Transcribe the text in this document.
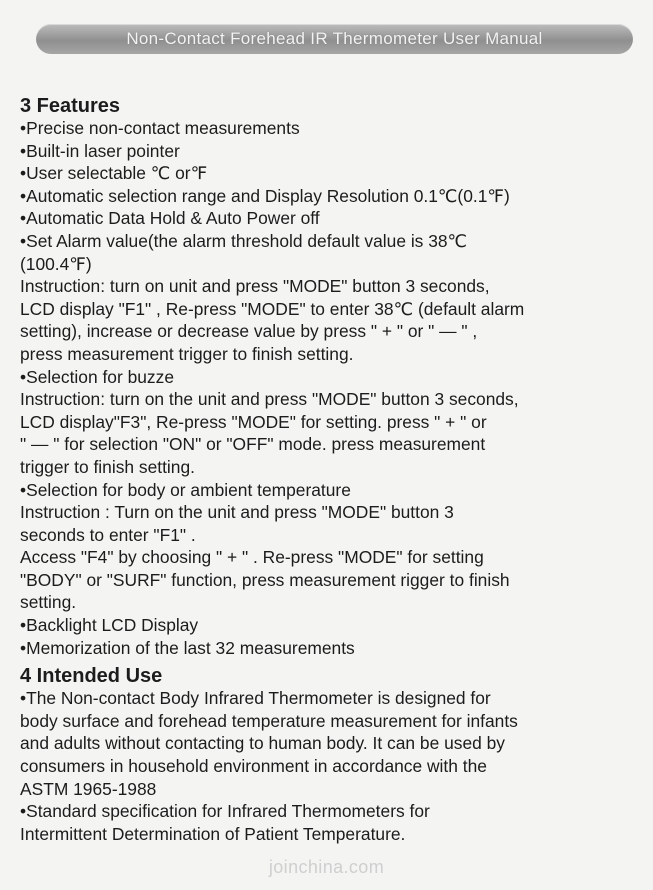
Non-Contact Forehead IR Thermometer User Manual
3 Features
•Precise non-contact measurements
•Built-in laser pointer
•User selectable ℃ or℉
•Automatic selection range and Display Resolution 0.1℃(0.1℉)
•Automatic Data Hold & Auto Power off
•Set Alarm value(the alarm threshold default value is 38℃
(100.4℉)
Instruction: turn on unit and press "MODE" button 3 seconds,
LCD display "F1" , Re-press "MODE" to enter 38℃ (default alarm
setting), increase or decrease value by press " + " or " — " ,
press measurement trigger to finish setting.
•Selection for buzze
Instruction: turn on the unit and press "MODE" button 3 seconds,
LCD display"F3", Re-press "MODE" for setting. press " + " or
" — " for selection "ON" or "OFF" mode. press measurement
trigger to finish setting.
•Selection for body or ambient temperature
Instruction : Turn on the unit and press "MODE" button 3
seconds to enter "F1" .
Access "F4" by choosing " + " . Re-press "MODE" for setting
"BODY" or "SURF" function, press measurement rigger to finish
setting.
•Backlight LCD Display
•Memorization of the last 32 measurements
4 Intended Use
•The Non-contact Body Infrared Thermometer is designed for
body surface and forehead temperature measurement for infants
and adults without contacting to human body. It can be used by
consumers in household environment in accordance with the
ASTM 1965-1988
•Standard specification for Infrared Thermometers for
Intermittent Determination of Patient Temperature.
joinchina.com
